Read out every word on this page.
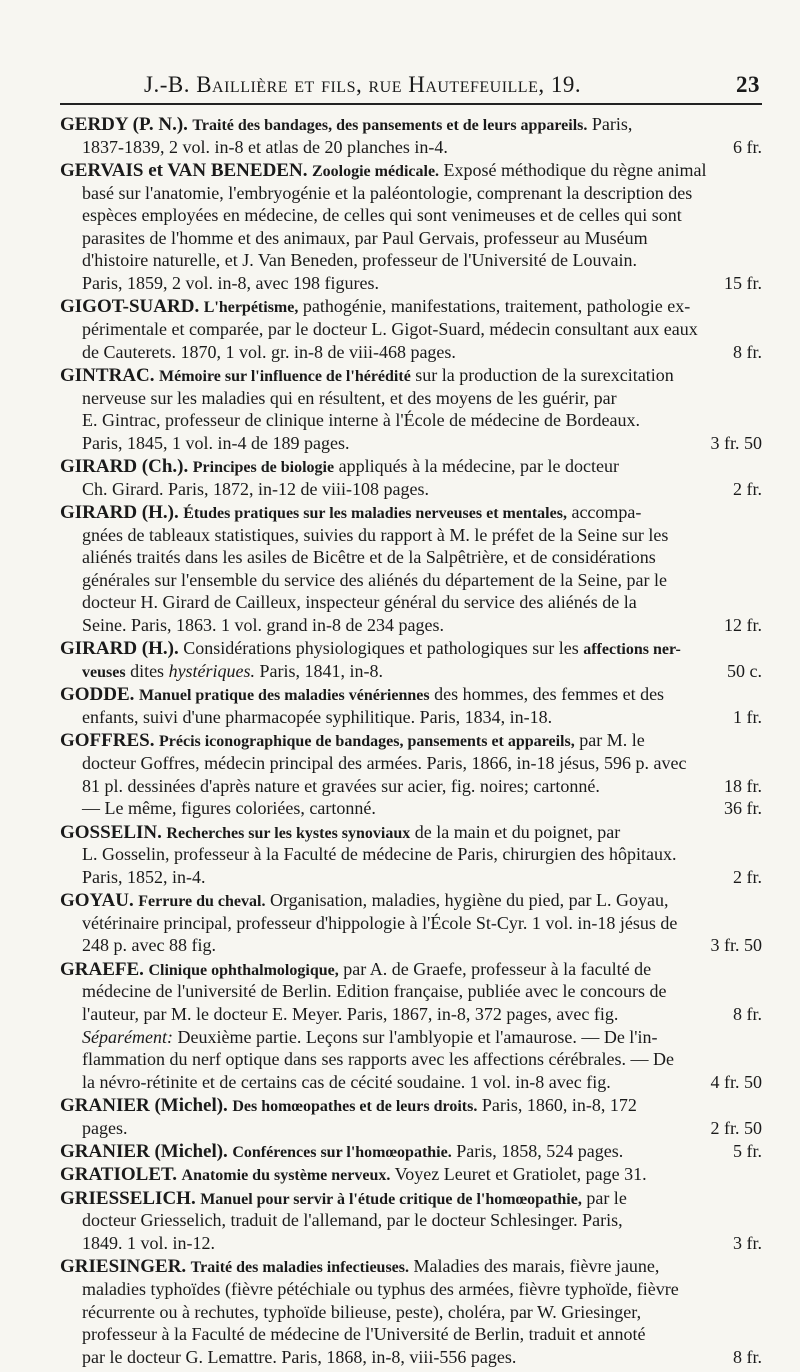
J.-B. Baillière et fils, rue Hautefeuille, 19.	23
GERDY (P. N.). Traité des bandages, des pansements et de leurs appareils. Paris,
1837-1839, 2 vol. in-8 et atlas de 20 planches in-4.	6 fr.
GERVAIS et VAN BENEDEN. Zoologie médicale. Exposé méthodique du règne animal
basé sur l'anatomie, l'embryogénie et la paléontologie, comprenant la description des
espèces employées en médecine, de celles qui sont venimeuses et de celles qui sont
parasites de l'homme et des animaux, par Paul Gervais, professeur au Muséum
d'histoire naturelle, et J. Van Beneden, professeur de l'Université de Louvain.
Paris, 1859, 2 vol. in-8, avec 198 figures.	15 fr.
GIGOT-SUARD. L'herpétisme, pathogénie, manifestations, traitement, pathologie ex-
périmentale et comparée, par le docteur L. Gigot-Suard, médecin consultant aux eaux
de Cauterets. 1870, 1 vol. gr. in-8 de viii-468 pages.	8 fr.
GINTRAC. Mémoire sur l'influence de l'hérédité sur la production de la surexcitation
nerveuse sur les maladies qui en résultent, et des moyens de les guérir, par
E. Gintrac, professeur de clinique interne à l'École de médecine de Bordeaux.
Paris, 1845, 1 vol. in-4 de 189 pages.	3 fr. 50
GIRARD (Ch.). Principes de biologie appliqués à la médecine, par le docteur
Ch. Girard. Paris, 1872, in-12 de viii-108 pages.	2 fr.
GIRARD (H.). Études pratiques sur les maladies nerveuses et mentales, accompa-
gnées de tableaux statistiques, suivies du rapport à M. le préfet de la Seine sur les
aliénés traités dans les asiles de Bicêtre et de la Salpêtrière, et de considérations
générales sur l'ensemble du service des aliénés du département de la Seine, par le
docteur H. Girard de Cailleux, inspecteur général du service des aliénés de la
Seine. Paris, 1863. 1 vol. grand in-8 de 234 pages.	12 fr.
GIRARD (H.). Considérations physiologiques et pathologiques sur les affections ner-
veuses dites hystériques. Paris, 1841, in-8.	50 c.
GODDE. Manuel pratique des maladies vénériennes des hommes, des femmes et des
enfants, suivi d'une pharmacopée syphilitique. Paris, 1834, in-18.	1 fr.
GOFFRES. Précis iconographique de bandages, pansements et appareils, par M. le
docteur Goffres, médecin principal des armées. Paris, 1866, in-18 jésus, 596 p. avec
81 pl. dessinées d'après nature et gravées sur acier, fig. noires; cartonné.	18 fr.
— Le même, figures coloriées, cartonné.	36 fr.
GOSSELIN. Recherches sur les kystes synoviaux de la main et du poignet, par
L. Gosselin, professeur à la Faculté de médecine de Paris, chirurgien des hôpitaux.
Paris, 1852, in-4.	2 fr.
GOYAU. Ferrure du cheval. Organisation, maladies, hygiène du pied, par L. Goyau,
vétérinaire principal, professeur d'hippologie à l'École St-Cyr. 1 vol. in-18 jésus de
248 p. avec 88 fig.	3 fr. 50
GRAEFE. Clinique ophthalmologique, par A. de Graefe, professeur à la faculté de
médecine de l'université de Berlin. Edition française, publiée avec le concours de
l'auteur, par M. le docteur E. Meyer. Paris, 1867, in-8, 372 pages, avec fig.	8 fr.
Séparément: Deuxième partie. Leçons sur l'amblyopie et l'amaurose. — De l'in-
flammation du nerf optique dans ses rapports avec les affections cérébrales. — De
la névro-rétinite et de certains cas de cécité soudaine. 1 vol. in-8 avec fig.	4 fr. 50
GRANIER (Michel). Des homœopathes et de leurs droits. Paris, 1860, in-8, 172
pages.	2 fr. 50
GRANIER (Michel). Conférences sur l'homœopathie. Paris, 1858, 524 pages.	5 fr.
GRATIOLET. Anatomie du système nerveux. Voyez Leuret et Gratiolet, page 31.
GRIESSELICH. Manuel pour servir à l'étude critique de l'homœopathie, par le
docteur Griesselich, traduit de l'allemand, par le docteur Schlesinger. Paris,
1849. 1 vol. in-12.	3 fr.
GRIESINGER. Traité des maladies infectieuses. Maladies des marais, fièvre jaune,
maladies typhoïdes (fièvre pétéchiale ou typhus des armées, fièvre typhoïde, fièvre
récurrente ou à rechutes, typhoïde bilieuse, peste), choléra, par W. Griesinger,
professeur à la Faculté de médecine de l'Université de Berlin, traduit et annoté
par le docteur G. Lemattre. Paris, 1868, in-8, viii-556 pages.	8 fr.
